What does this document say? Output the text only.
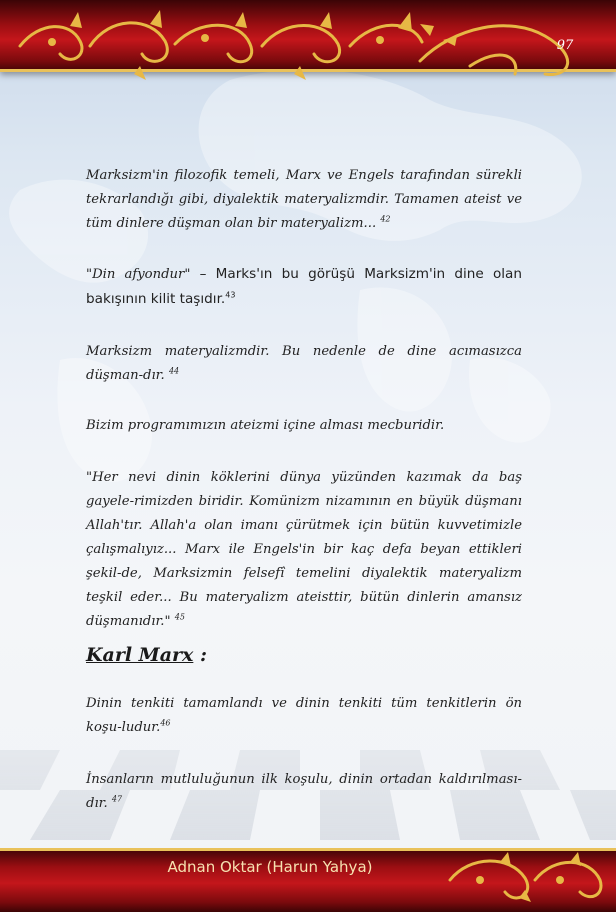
97
Marksizm'in filozofik temeli, Marx ve Engels tarafından sürekli tekrarlandığı gibi, diyalektik materyalizmdir. Tamamen ateist ve tüm dinlere düşman olan bir materyalizm... $^{42}$
"Din afyondur" – Marks'ın bu görüşü Marksizm'in dine olan bakışının kilit taşıdır.$^{43}$
Marksizm materyalizmdir. Bu nedenle de dine acımasızca düşman-dır. $^{44}$
Bizim programımızın ateizmi içine alması mecburidir.
"Her nevi dinin köklerini dünya yüzünden kazımak da baş gayele-rimizden biridir. Komünizm nizamının en büyük düşmanı Allah'tır. Allah'a olan imanı çürütmek için bütün kuvvetimizle çalışmalıyız... Marx ile Engels'in bir kaç defa beyan ettikleri şekil-de, Marksizmin felsefî temelini diyalektik materyalizm teşkil eder... Bu materyalizm ateisttir, bütün dinlerin amansız düşmanıdır." $^{45}$
Karl Marx :
Dinin tenkiti tamamlandı ve dinin tenkiti tüm tenkitlerin ön koşu-ludur.$^{46}$
İnsanların mutluluğunun ilk koşulu, dinin ortadan kaldırılması-dır. $^{47}$
Adnan Oktar (Harun Yahya)
